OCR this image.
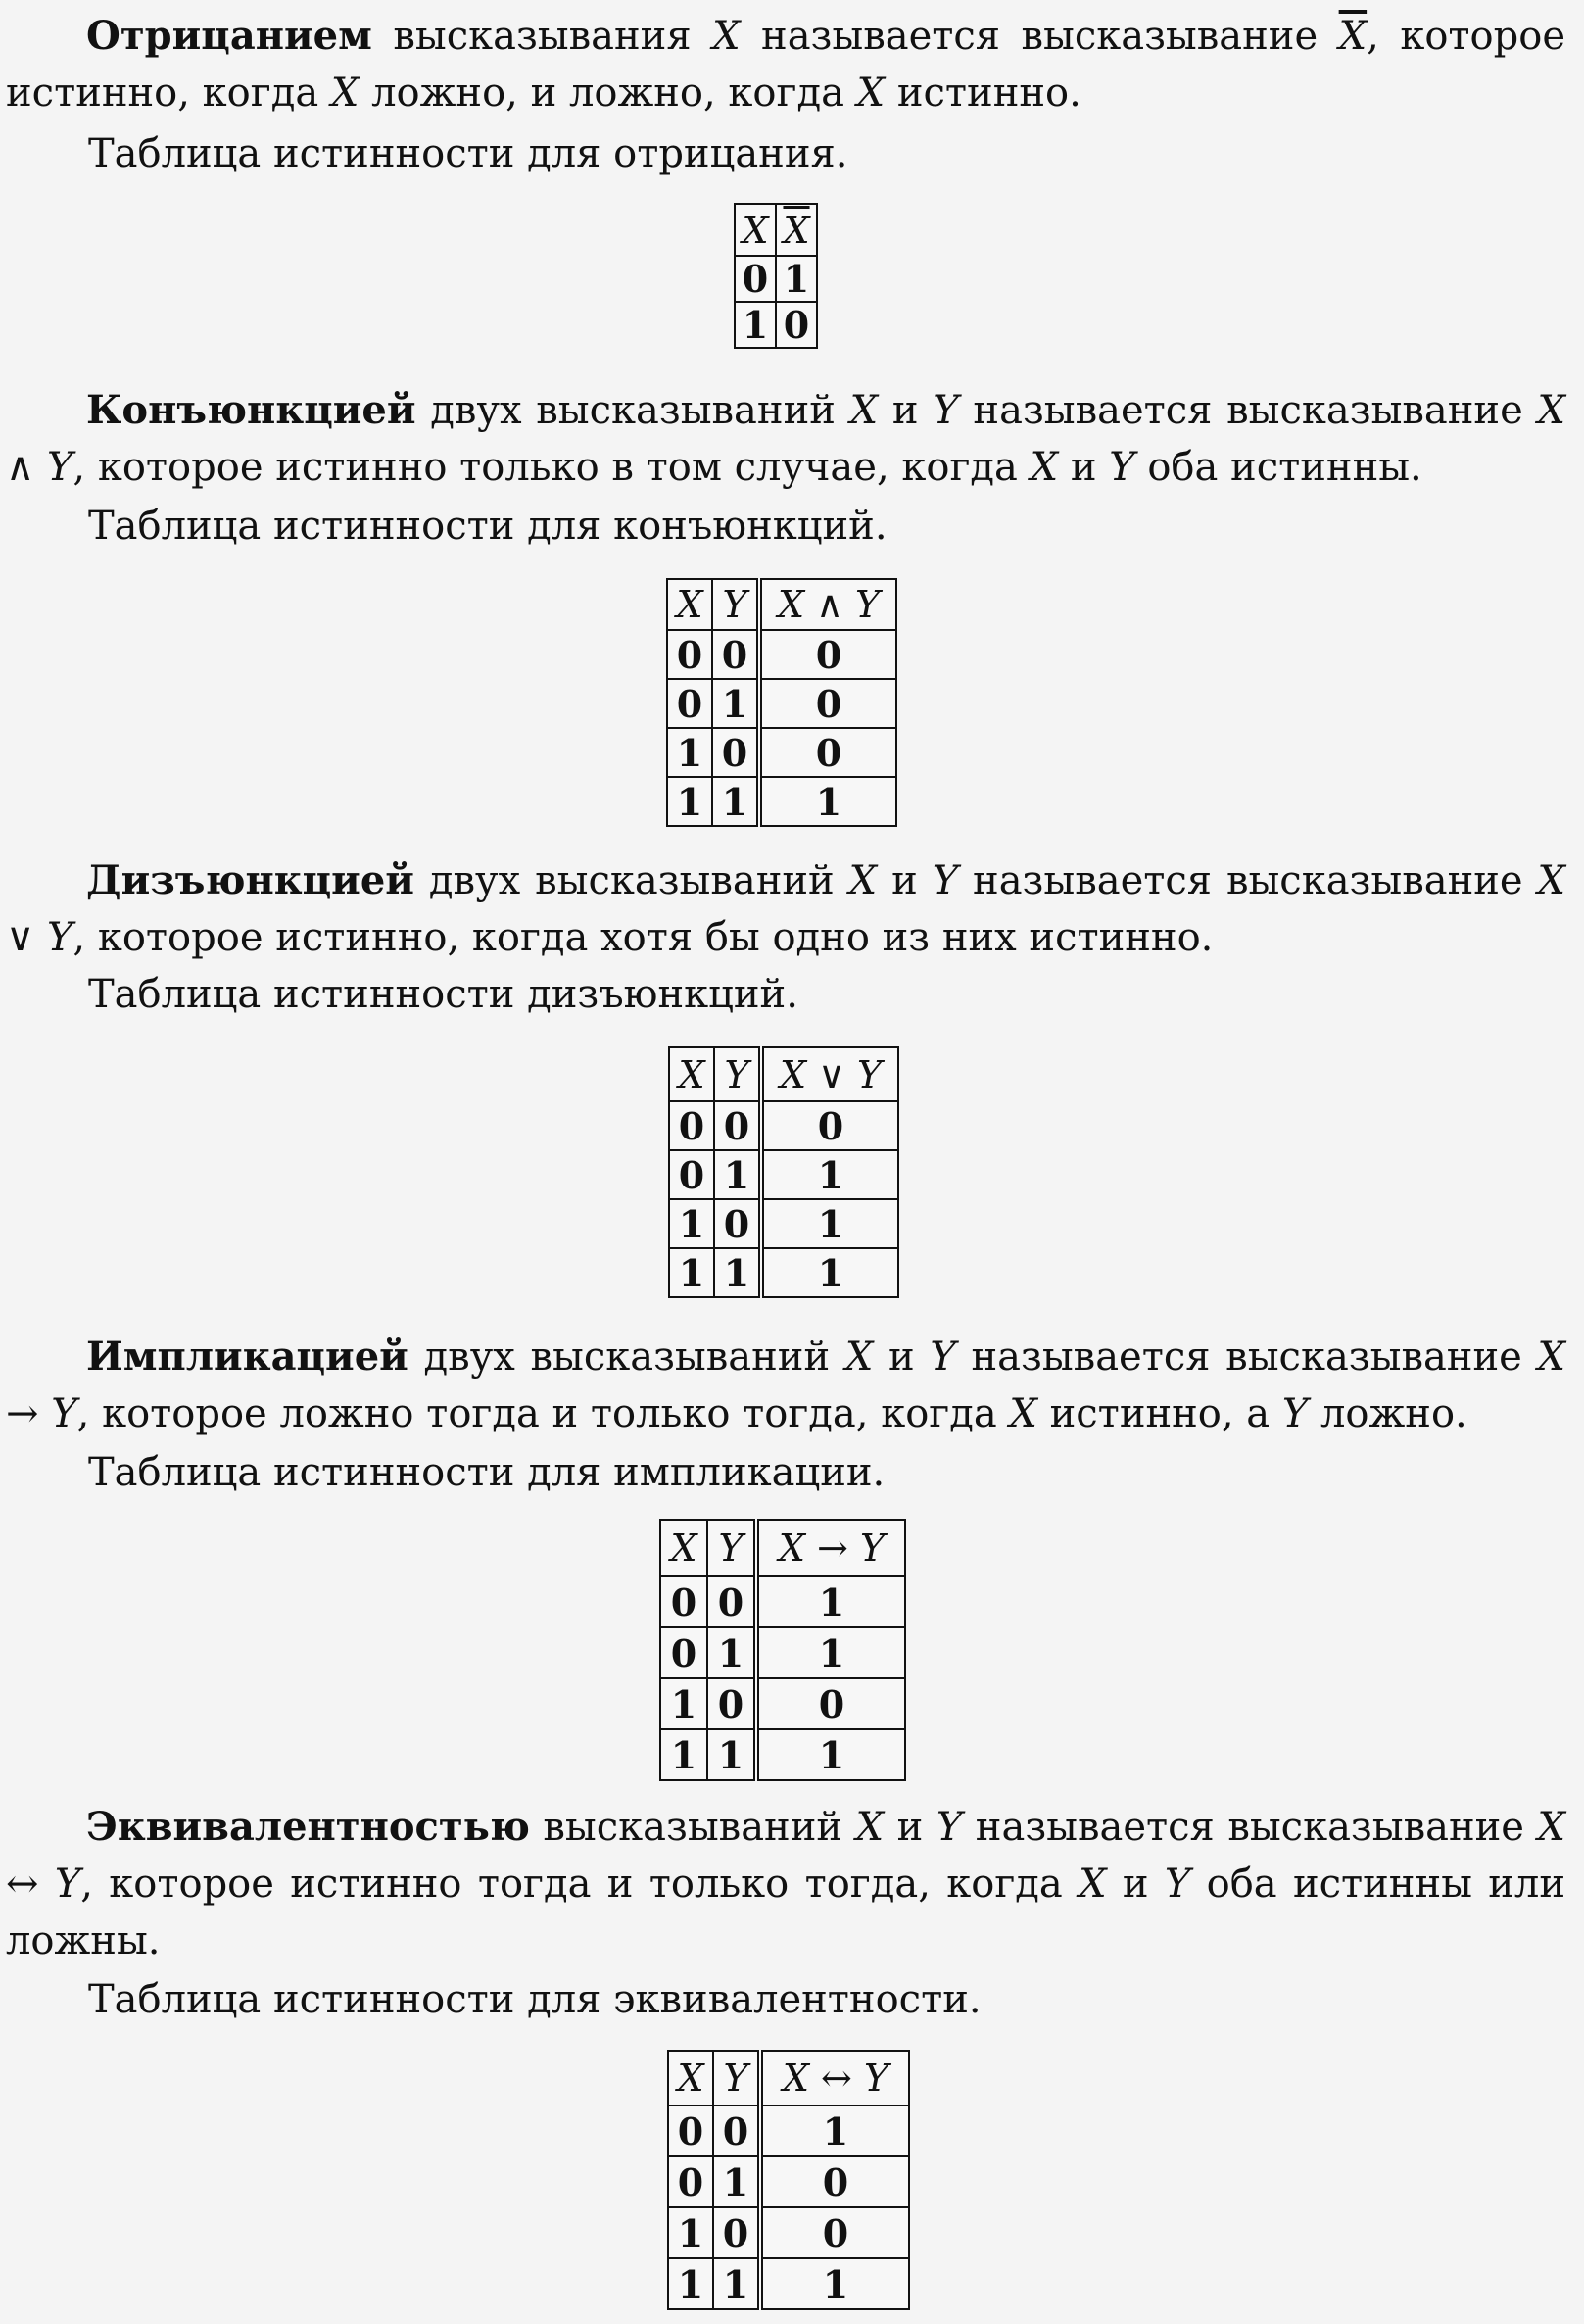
Отрицанием высказывания X называется высказывание $\overline{X}$, которое истинно, когда X ложно, и ложно, когда X истинно.

Таблица истинности для отрицания.
X	$\overline{X}$
0	1
1	0

Конъюнкцией двух высказываний X и Y называется высказывание X ∧ Y, которое истинно только в том случае, когда X и Y оба истинны.

Таблица истинности для конъюнкций.
X	Y	X ∧ Y
0	0	0
0	1	0
1	0	0
1	1	1

Дизъюнкцией двух высказываний X и Y называется высказывание X ∨ Y, которое истинно, когда хотя бы одно из них истинно.

Таблица истинности дизъюнкций.
X	Y	X ∨ Y
0	0	0
0	1	1
1	0	1
1	1	1

Импликацией двух высказываний X и Y называется высказывание X → Y, которое ложно тогда и только тогда, когда X истинно, а Y ложно.

Таблица истинности для импликации.
X	Y	X → Y
0	0	1
0	1	1
1	0	0
1	1	1

Эквивалентностью высказываний X и Y называется высказывание X ↔ Y, которое истинно тогда и только тогда, когда X и Y оба истинны или ложны.

Таблица истинности для эквивалентности.
X	Y	X ↔ Y
0	0	1
0	1	0
1	0	0
1	1	1
